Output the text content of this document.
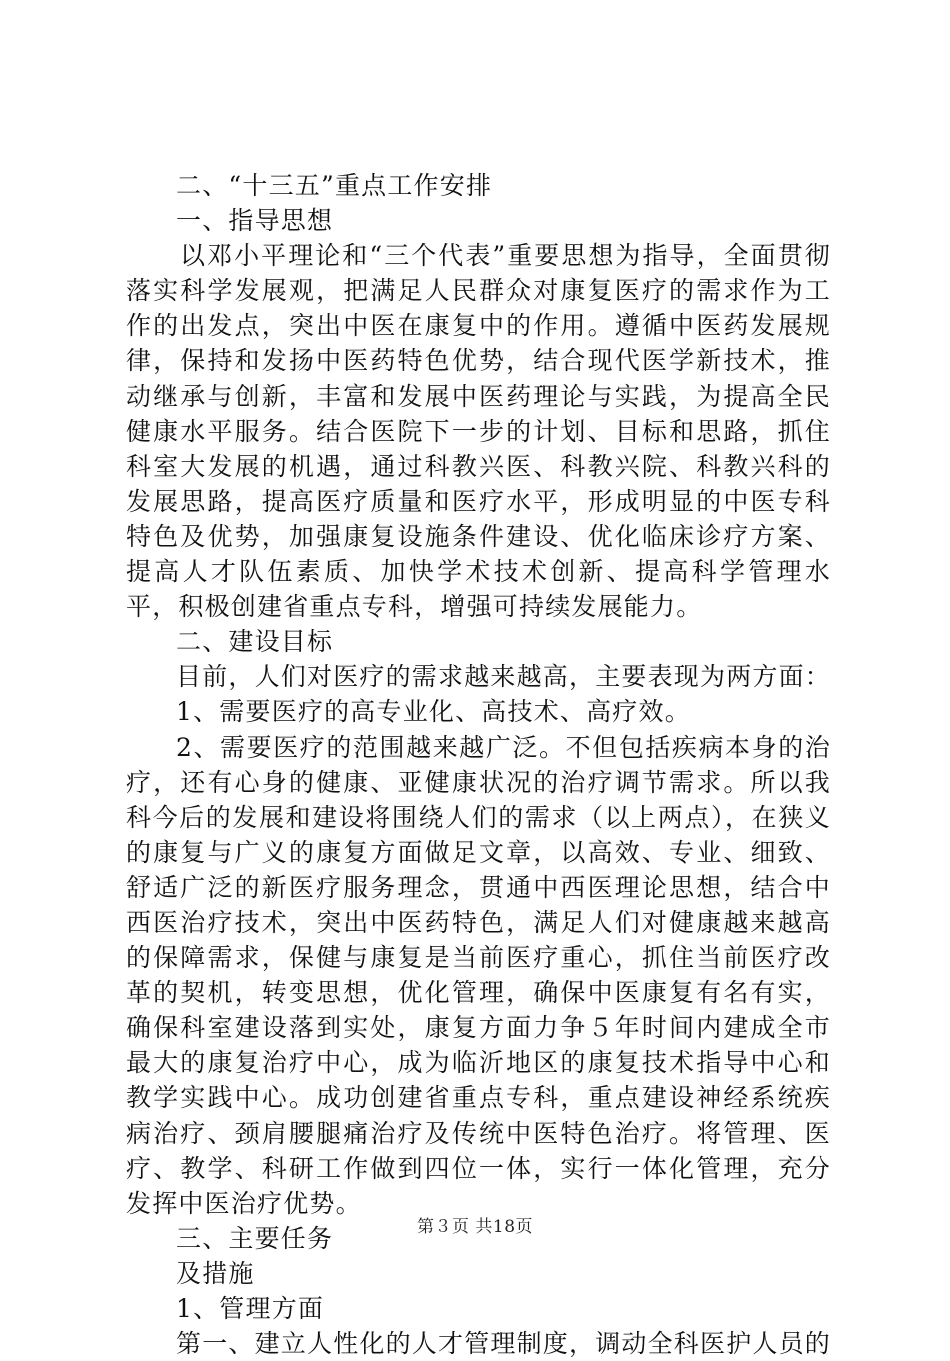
二、“十三五”重点工作安排

一、指导思想

以邓小平理论和“三个代表”重要思想为指导，全面贯彻落实科学发展观，把满足人民群众对康复医疗的需求作为工作的出发点，突出中医在康复中的作用。遵循中医药发展规律，保持和发扬中医药特色优势，结合现代医学新技术，推动继承与创新，丰富和发展中医药理论与实践，为提高全民健康水平服务。结合医院下一步的计划、目标和思路，抓住科室大发展的机遇，通过科教兴医、科教兴院、科教兴科的发展思路，提高医疗质量和医疗水平，形成明显的中医专科特色及优势，加强康复设施条件建设、优化临床诊疗方案、提高人才队伍素质、加快学术技术创新、提高科学管理水平，积极创建省重点专科，增强可持续发展能力。

二、建设目标

目前，人们对医疗的需求越来越高，主要表现为两方面：

1、需要医疗的高专业化、高技术、高疗效。

2、需要医疗的范围越来越广泛。不但包括疾病本身的治疗，还有心身的健康、亚健康状况的治疗调节需求。所以我科今后的发展和建设将围绕人们的需求（以上两点），在狭义的康复与广义的康复方面做足文章，以高效、专业、细致、舒适广泛的新医疗服务理念，贯通中西医理论思想，结合中西医治疗技术，突出中医药特色，满足人们对健康越来越高的保障需求，保健与康复是当前医疗重心，抓住当前医疗改革的契机，转变思想，优化管理，确保中医康复有名有实，确保科室建设落到实处，康复方面力争５年时间内建成全市最大的康复治疗中心，成为临沂地区的康复技术指导中心和教学实践中心。成功创建省重点专科，重点建设神经系统疾病治疗、颈肩腰腿痛治疗及传统中医特色治疗。将管理、医疗、教学、科研工作做到四位一体，实行一体化管理，充分发挥中医治疗优势。

三、主要任务

及措施

1、管理方面

第一、建立人性化的人才管理制度，调动全科医护人员的

第３页 共18页
